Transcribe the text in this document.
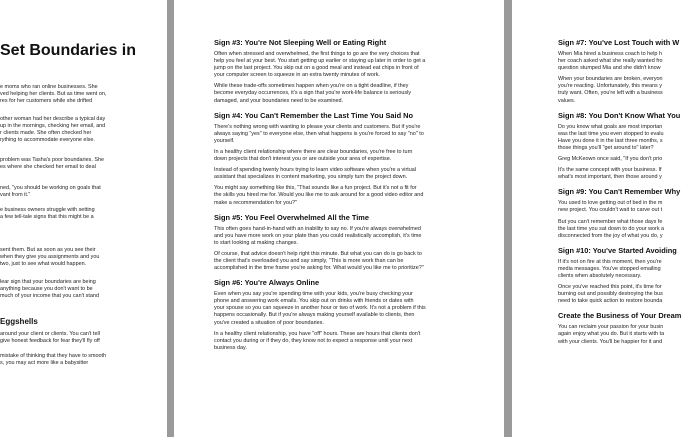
Set Boundaries in

e moms who ran online businesses. She
ved helping her clients. But as time went on,
res for her customers while she drifted

other woman had her describe a typical day
up in the mornings, checking her email, and
r clients made. She often checked her
rything to accommodate everyone else.

problem was Tasha's poor boundaries. She
es where she checked her email to deal

ned, "you should be working on goals that
vant from it."

e business owners struggle with setting
a few tell-tale signs that this might be a

sent them. But as soon as you see their
when they give you assignments and you
two, just to see what would happen.

lear sign that your boundaries are being
anything because you don't want to be
much of your income that you can't stand

Eggshells

around your client or clients. You can't tell
give honest feedback for fear they'll fly off

mistake of thinking that they have to smooth
s, you may act more like a babysitter

Sign #3: You're Not Sleeping Well or Eating Right

Often when stressed and overwhelmed, the first things to go are the very choices that
help you feel at your best. You start getting up earlier or staying up later in order to get a
jump on the last project. You skip out on a good meal and instead eat chips in front of
your computer screen to squeeze in an extra twenty minutes of work.

While these trade-offs sometimes happen when you're on a tight deadline, if they
become everyday occurrences, it's a sign that you're work-life balance is seriously
damaged, and your boundaries need to be examined.

Sign #4: You Can't Remember the Last Time You Said No

There's nothing wrong with wanting to please your clients and customers. But if you're
always saying "yes" to everyone else, then what happens is you're forced to say "no" to
yourself.

In a healthy client relationship where there are clear boundaries, you're free to turn
down projects that don't interest you or are outside your area of expertise.

Instead of spending twenty hours trying to learn video software when you're a virtual
assistant that specializes in content marketing, you simply turn the project down.

You might say something like this, "That sounds like a fun project. But it's not a fit for
the skills you hired me for. Would you like me to ask around for a good video editor and
make a recommendation for you?"

Sign #5: You Feel Overwhelmed All the Time

This often goes hand-in-hand with an inability to say no. If you're always overwhelmed
and you have more work on your plate than you could realistically accomplish, it's time
to start looking at making changes.

Of course, that advice doesn't help right this minute. But what you can do is go back to
the client that's overloaded you and say simply, "This is more work than can be
accomplished in the time frame you're asking for. What would you like me to prioritize?"

Sign #6: You're Always Online

Even when you say you're spending time with your kids, you're busy checking your
phone and answering work emails. You skip out on drinks with friends or dates with
your spouse so you can squeeze in another hour or two of work. It's not a problem if this
happens occasionally. But if you're always making yourself available to clients, then
you've created a situation of poor boundaries.

In a healthy client relationship, you have "off" hours. These are hours that clients don't
contact you during or if they do, they know not to expect a response until your next
business day.

Sign #7: You've Lost Touch with W

When Mia hired a business coach to help h
her coach asked what she really wanted fro
question stumped Mia and she didn't know

When your boundaries are broken, everyon
you're reacting. Unfortunately, this means y
truly want. Often, you're left with a business
values.

Sign #8: You Don't Know What You

Do you know what goals are most importan
was the last time you even stopped to evalu
Have you done it in the last three months, s
those things you'll "get around to" later?

Greg McKeown once said, "If you don't prio

It's the same concept with your business. If
what's most important, then those around y

Sign #9: You Can't Remember Why

You used to love getting out of bed in the m
new project. You couldn't wait to carve out t

But you can't remember what those days fe
the last time you sat down to do your work a
disconnected from the joy of what you do, y

Sign #10: You've Started Avoiding

If it's not on fire at this moment, then you're
media messages. You've stopped emailing
clients when absolutely necessary.

Once you've reached this point, it's time for
burning out and possibly destroying the bus
need to take quick action to restore bounda

Create the Business of Your Dream

You can reclaim your passion for your busin
again enjoy what you do. But it starts with ta
with your clients. You'll be happier for it and
